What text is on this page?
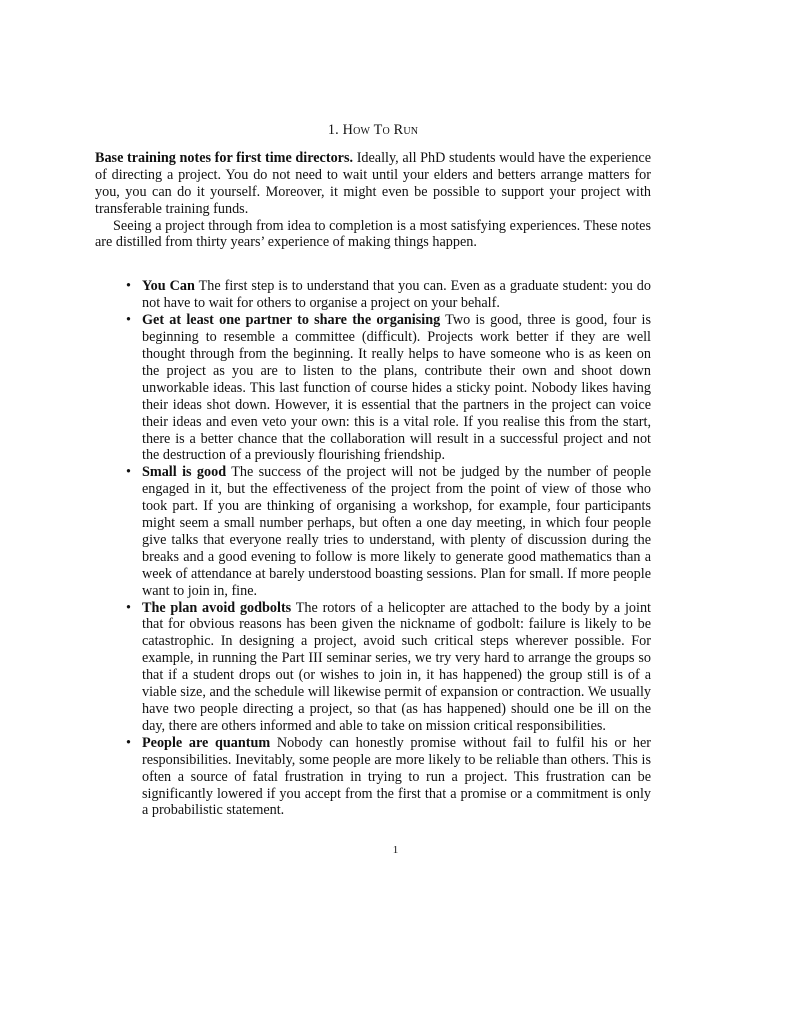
1. How To Run

Base training notes for first time directors. Ideally, all PhD students would have the experience of directing a project. You do not need to wait until your elders and betters arrange matters for you, you can do it yourself. Moreover, it might even be possible to support your project with transferable training funds.

Seeing a project through from idea to completion is a most satisfying experiences. These notes are distilled from thirty years’ experience of making things happen.

• You Can The first step is to understand that you can. Even as a graduate student: you do not have to wait for others to organise a project on your behalf.
• Get at least one partner to share the organising Two is good, three is good, four is beginning to resemble a committee (difficult). Projects work better if they are well thought through from the beginning. It really helps to have someone who is as keen on the project as you are to listen to the plans, contribute their own and shoot down unworkable ideas. This last function of course hides a sticky point. Nobody likes having their ideas shot down. However, it is essential that the partners in the project can voice their ideas and even veto your own: this is a vital role. If you realise this from the start, there is a better chance that the collaboration will result in a successful project and not the destruction of a previously flourishing friendship.
• Small is good The success of the project will not be judged by the number of people engaged in it, but the effectiveness of the project from the point of view of those who took part. If you are thinking of organising a workshop, for example, four participants might seem a small number perhaps, but often a one day meeting, in which four people give talks that everyone really tries to understand, with plenty of discussion during the breaks and a good evening to follow is more likely to generate good mathematics than a week of attendance at barely understood boasting sessions. Plan for small. If more people want to join in, fine.
• The plan avoid godbolts The rotors of a helicopter are attached to the body by a joint that for obvious reasons has been given the nickname of godbolt: failure is likely to be catastrophic. In designing a project, avoid such critical steps wherever possible. For example, in running the Part III seminar series, we try very hard to arrange the groups so that if a student drops out (or wishes to join in, it has happened) the group still is of a viable size, and the schedule will likewise permit of expansion or contraction. We usually have two people directing a project, so that (as has happened) should one be ill on the day, there are others informed and able to take on mission critical responsibilities.
• People are quantum Nobody can honestly promise without fail to fulfil his or her responsibilities. Inevitably, some people are more likely to be reliable than others. This is often a source of fatal frustration in trying to run a project. This frustration can be significantly lowered if you accept from the first that a promise or a commitment is only a probabilistic statement.
1
